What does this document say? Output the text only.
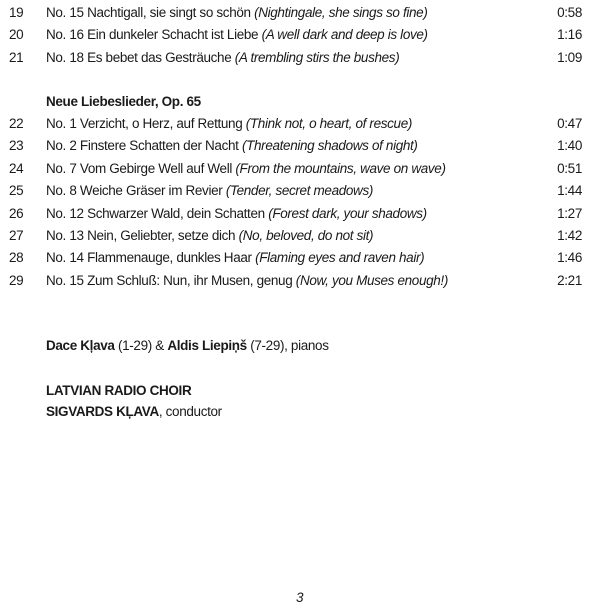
19 No. 15 Nachtigall, sie singt so schön (Nightingale, she sings so fine)	0:58
20 No. 16 Ein dunkeler Schacht ist Liebe (A well dark and deep is love)	1:16
21 No. 18 Es bebet das Gesträuche (A trembling stirs the bushes)	1:09
Neue Liebeslieder, Op. 65
22 No. 1 Verzicht, o Herz, auf Rettung (Think not, o heart, of rescue)	0:47
23 No. 2 Finstere Schatten der Nacht (Threatening shadows of night)	1:40
24 No. 7 Vom Gebirge Well auf Well (From the mountains, wave on wave)	0:51
25 No. 8 Weiche Gräser im Revier (Tender, secret meadows)	1:44
26 No. 12 Schwarzer Wald, dein Schatten (Forest dark, your shadows)	1:27
27 No. 13 Nein, Geliebter, setze dich (No, beloved, do not sit)	1:42
28 No. 14 Flammenauge, dunkles Haar (Flaming eyes and raven hair)	1:46
29 No. 15 Zum Schluß: Nun, ihr Musen, genug (Now, you Muses enough!)	2:21
Dace Kļava (1-29) & Aldis Liepiņš (7-29), pianos
LATVIAN RADIO CHOIR
SIGVARDS KĻAVA, conductor
3
